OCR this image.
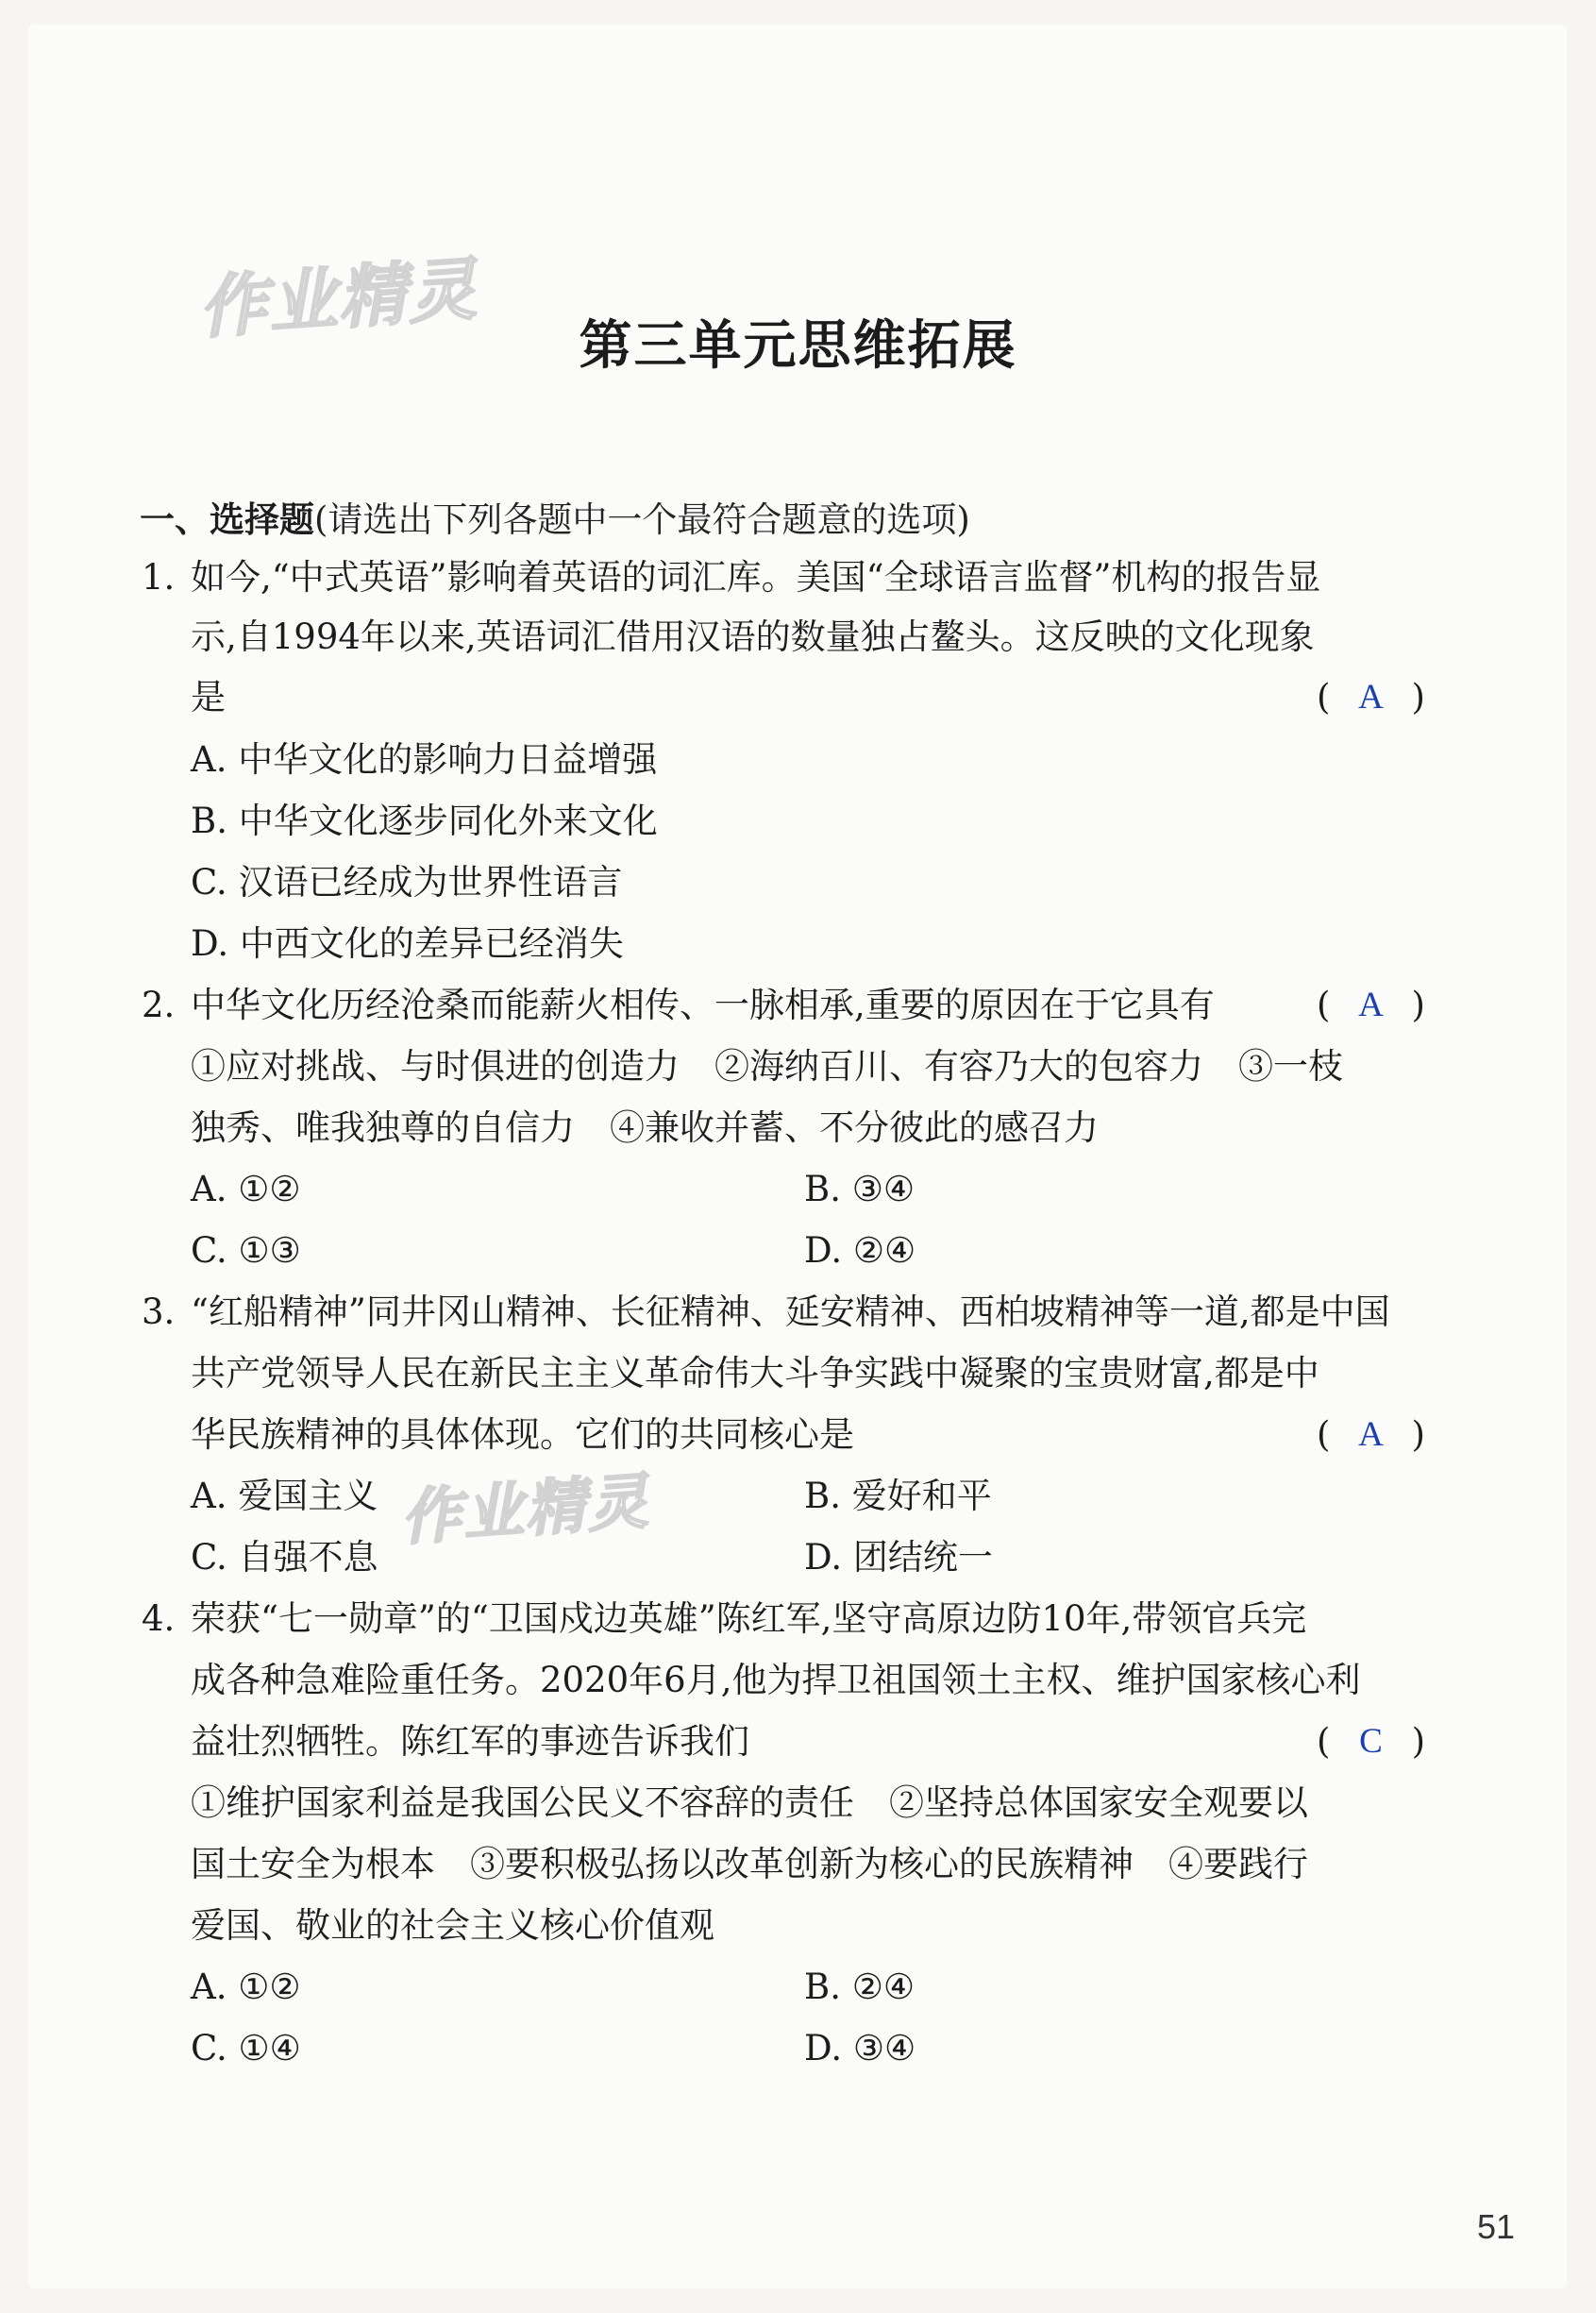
作业精灵
作业精灵
第三单元思维拓展
一、选择题(请选出下列各题中一个最符合题意的选项)
1. 如今,“中式英语”影响着英语的词汇库。美国“全球语言监督”机构的报告显
示,自1994年以来,英语词汇借用汉语的数量独占鳌头。这反映的文化现象
是	( A )
A. 中华文化的影响力日益增强
B. 中华文化逐步同化外来文化
C. 汉语已经成为世界性语言
D. 中西文化的差异已经消失
2. 中华文化历经沧桑而能薪火相传、一脉相承,重要的原因在于它具有	( A )
①应对挑战、与时俱进的创造力　②海纳百川、有容乃大的包容力　③一枝
独秀、唯我独尊的自信力　④兼收并蓄、不分彼此的感召力
A. ①②	B. ③④
C. ①③	D. ②④
3. “红船精神”同井冈山精神、长征精神、延安精神、西柏坡精神等一道,都是中国
共产党领导人民在新民主主义革命伟大斗争实践中凝聚的宝贵财富,都是中
华民族精神的具体体现。它们的共同核心是	( A )
A. 爱国主义	B. 爱好和平
C. 自强不息	D. 团结统一
4. 荣获“七一勋章”的“卫国戍边英雄”陈红军,坚守高原边防10年,带领官兵完
成各种急难险重任务。2020年6月,他为捍卫祖国领土主权、维护国家核心利
益壮烈牺牲。陈红军的事迹告诉我们	( C )
①维护国家利益是我国公民义不容辞的责任　②坚持总体国家安全观要以
国土安全为根本　③要积极弘扬以改革创新为核心的民族精神　④要践行
爱国、敬业的社会主义核心价值观
A. ①②	B. ②④
C. ①④	D. ③④
51
